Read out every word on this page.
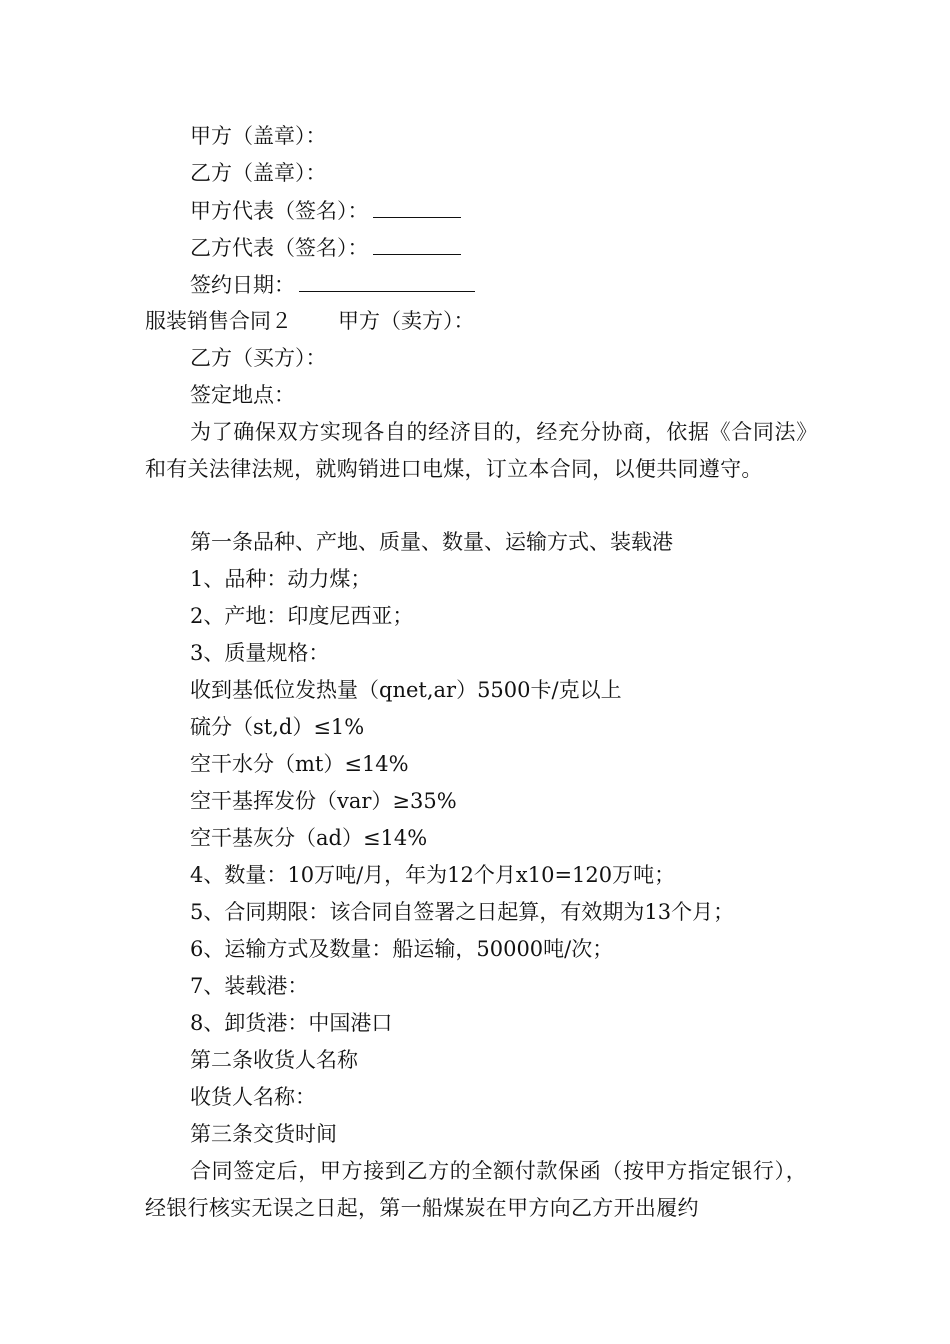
甲方（盖章）：
乙方（盖章）：
甲方代表（签名）：
乙方代表（签名）：
签约日期：
服装销售合同２ 甲方（卖方）：
乙方（买方）：
签定地点：
为了确保双方实现各自的经济目的，经充分协商，依据《合同法》和有关法律法规，就购销进口电煤，订立本合同，以便共同遵守。
第一条品种、产地、质量、数量、运输方式、装载港
1、品种：动力煤；
2、产地：印度尼西亚；
3、质量规格：
收到基低位发热量（qnet,ar）5500卡/克以上
硫分（st,d）≤1%
空干水分（mt）≤14%
空干基挥发份（var）≥35%
空干基灰分（ad）≤14%
4、数量：10万吨/月，年为12个月x10=120万吨；
5、合同期限：该合同自签署之日起算，有效期为13个月；
6、运输方式及数量：船运输，50000吨/次；
7、装载港：
8、卸货港：中国港口
第二条收货人名称
收货人名称：
第三条交货时间
合同签定后，甲方接到乙方的全额付款保函（按甲方指定银行），经银行核实无误之日起，第一船煤炭在甲方向乙方开出履约
